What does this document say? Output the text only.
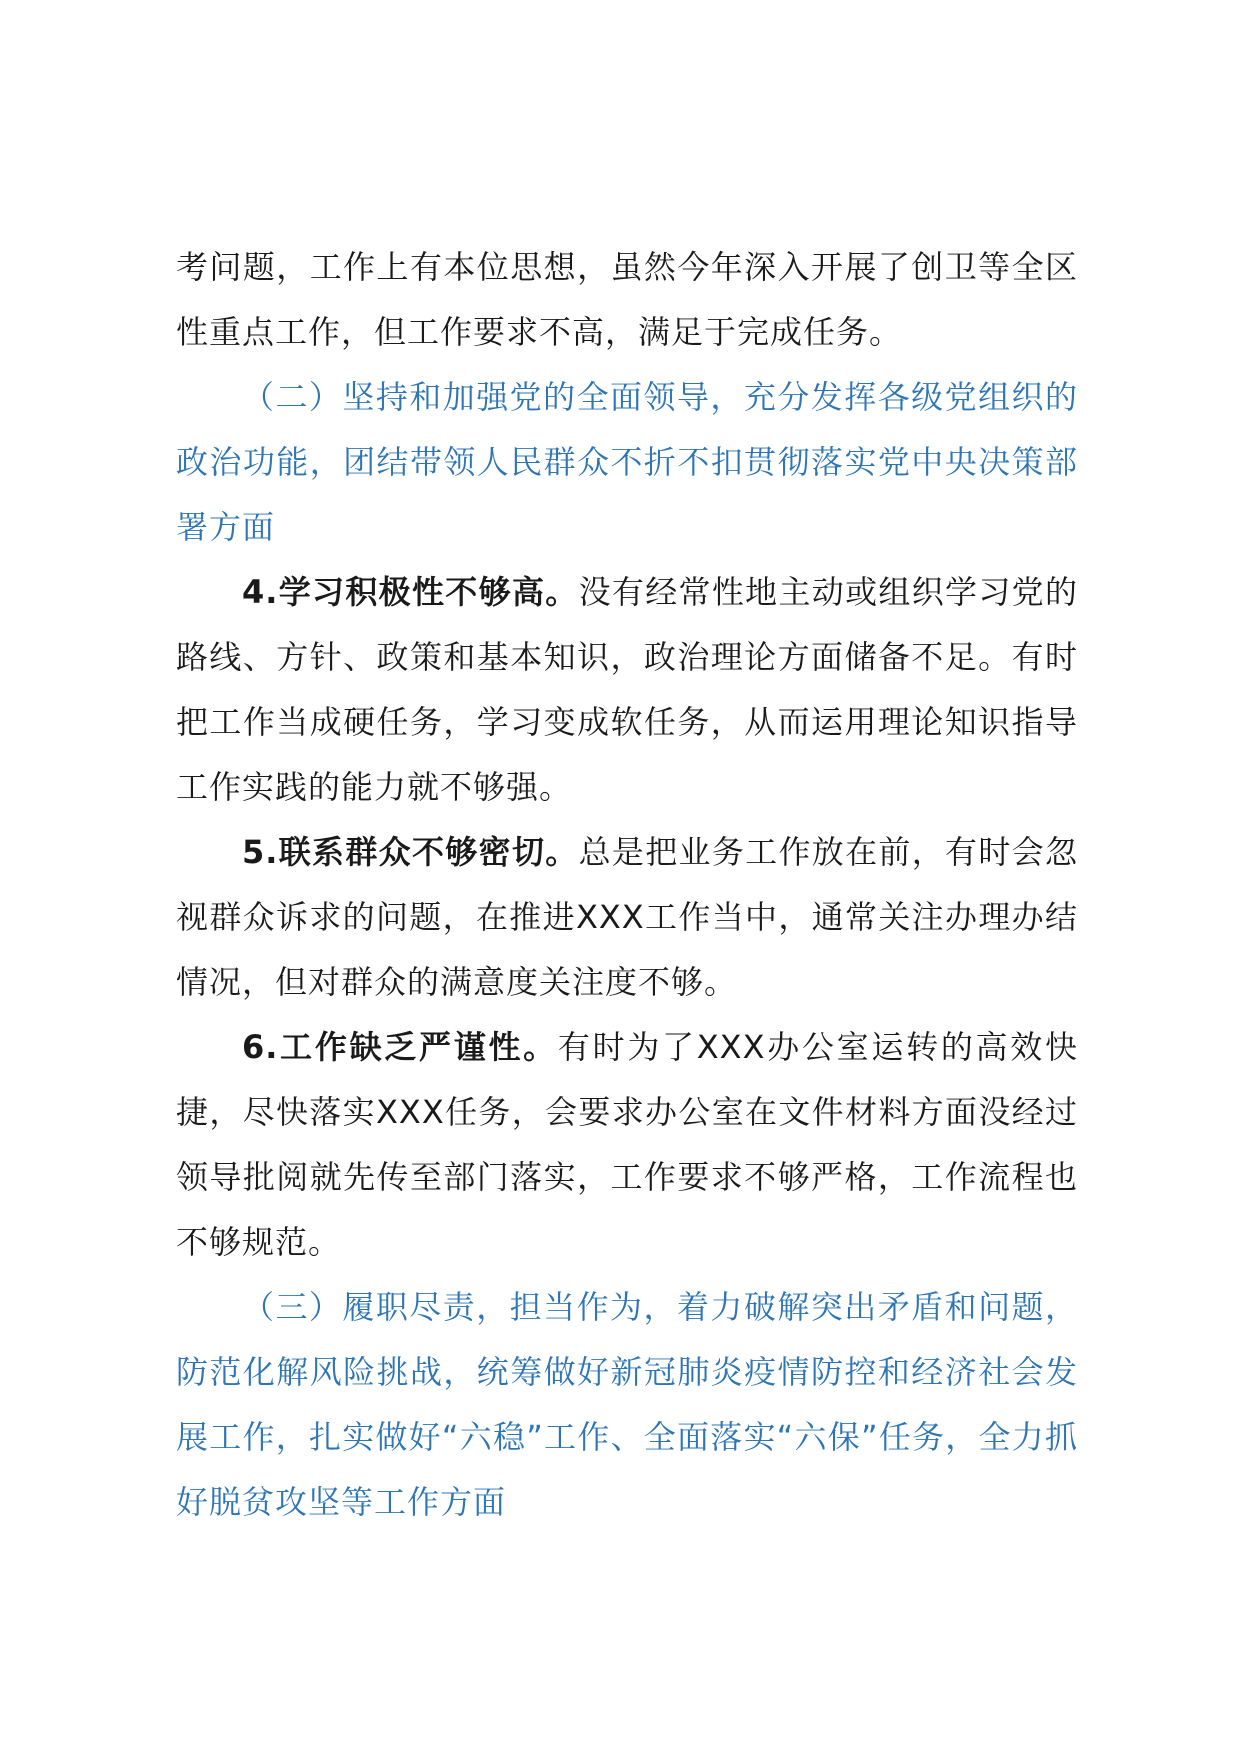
考问题，工作上有本位思想，虽然今年深入开展了创卫等全区性重点工作，但工作要求不高，满足于完成任务。

（二）坚持和加强党的全面领导，充分发挥各级党组织的政治功能，团结带领人民群众不折不扣贯彻落实党中央决策部署方面

4.学习积极性不够高。没有经常性地主动或组织学习党的路线、方针、政策和基本知识，政治理论方面储备不足。有时把工作当成硬任务，学习变成软任务，从而运用理论知识指导工作实践的能力就不够强。

5.联系群众不够密切。总是把业务工作放在前，有时会忽视群众诉求的问题，在推进XXX工作当中，通常关注办理办结情况，但对群众的满意度关注度不够。

6.工作缺乏严谨性。有时为了XXX办公室运转的高效快捷，尽快落实XXX任务，会要求办公室在文件材料方面没经过领导批阅就先传至部门落实，工作要求不够严格，工作流程也不够规范。

（三）履职尽责，担当作为，着力破解突出矛盾和问题，防范化解风险挑战，统筹做好新冠肺炎疫情防控和经济社会发展工作，扎实做好“六稳”工作、全面落实“六保”任务，全力抓好脱贫攻坚等工作方面
